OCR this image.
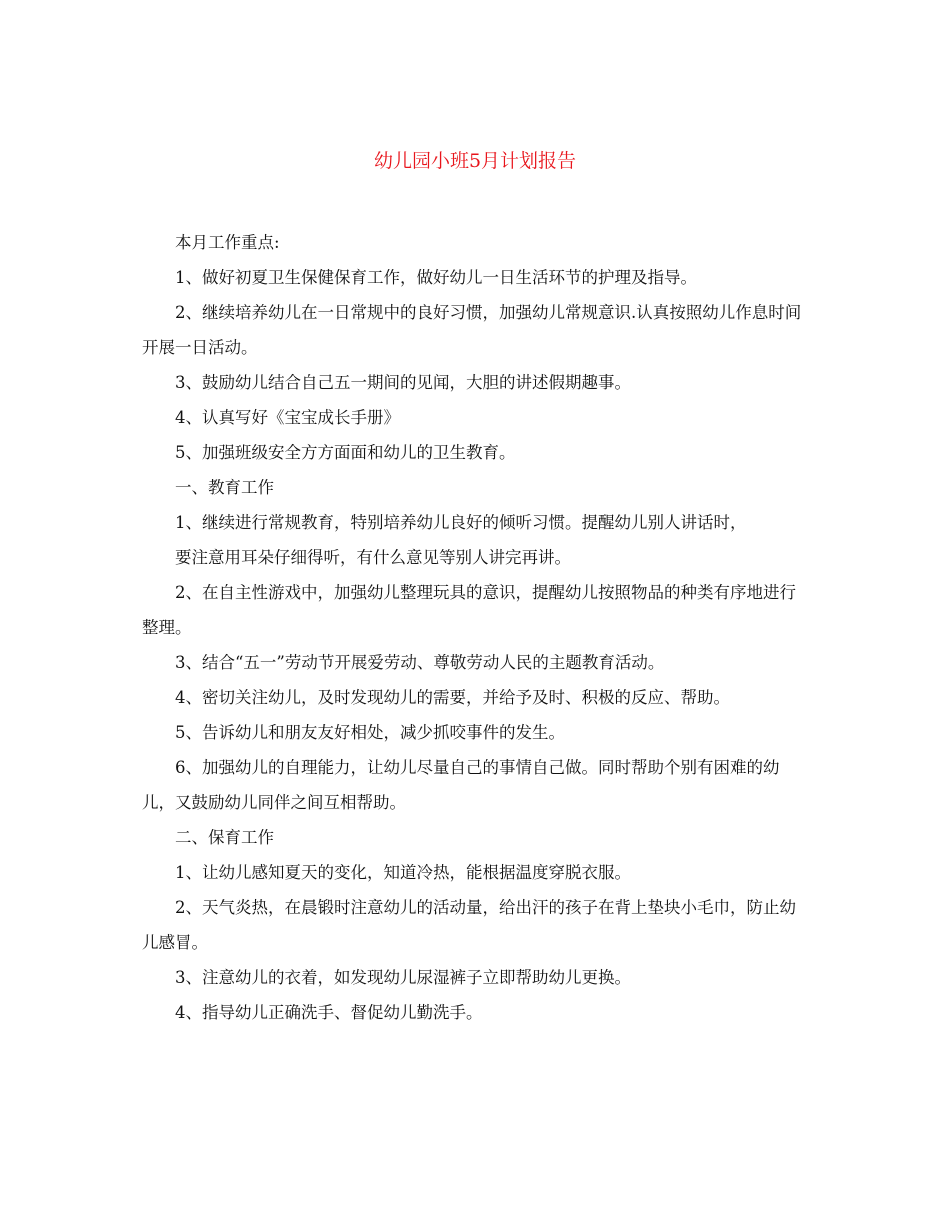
幼儿园小班5月计划报告

本月工作重点:

1、做好初夏卫生保健保育工作，做好幼儿一日生活环节的护理及指导。

2、继续培养幼儿在一日常规中的良好习惯，加强幼儿常规意识.认真按照幼儿作息时间开展一日活动。

3、鼓励幼儿结合自己五一期间的见闻，大胆的讲述假期趣事。

4、认真写好《宝宝成长手册》

5、加强班级安全方方面面和幼儿的卫生教育。

一、教育工作

1、继续进行常规教育，特别培养幼儿良好的倾听习惯。提醒幼儿别人讲话时，

要注意用耳朵仔细得听，有什么意见等别人讲完再讲。

2、在自主性游戏中，加强幼儿整理玩具的意识，提醒幼儿按照物品的种类有序地进行整理。

3、结合“五一”劳动节开展爱劳动、尊敬劳动人民的主题教育活动。

4、密切关注幼儿，及时发现幼儿的需要，并给予及时、积极的反应、帮助。

5、告诉幼儿和朋友友好相处，减少抓咬事件的发生。

6、加强幼儿的自理能力，让幼儿尽量自己的事情自己做。同时帮助个别有困难的幼儿，又鼓励幼儿同伴之间互相帮助。

二、保育工作

1、让幼儿感知夏天的变化，知道冷热，能根据温度穿脱衣服。

2、天气炎热，在晨锻时注意幼儿的活动量，给出汗的孩子在背上垫块小毛巾，防止幼儿感冒。

3、注意幼儿的衣着，如发现幼儿尿湿裤子立即帮助幼儿更换。

4、指导幼儿正确洗手、督促幼儿勤洗手。
